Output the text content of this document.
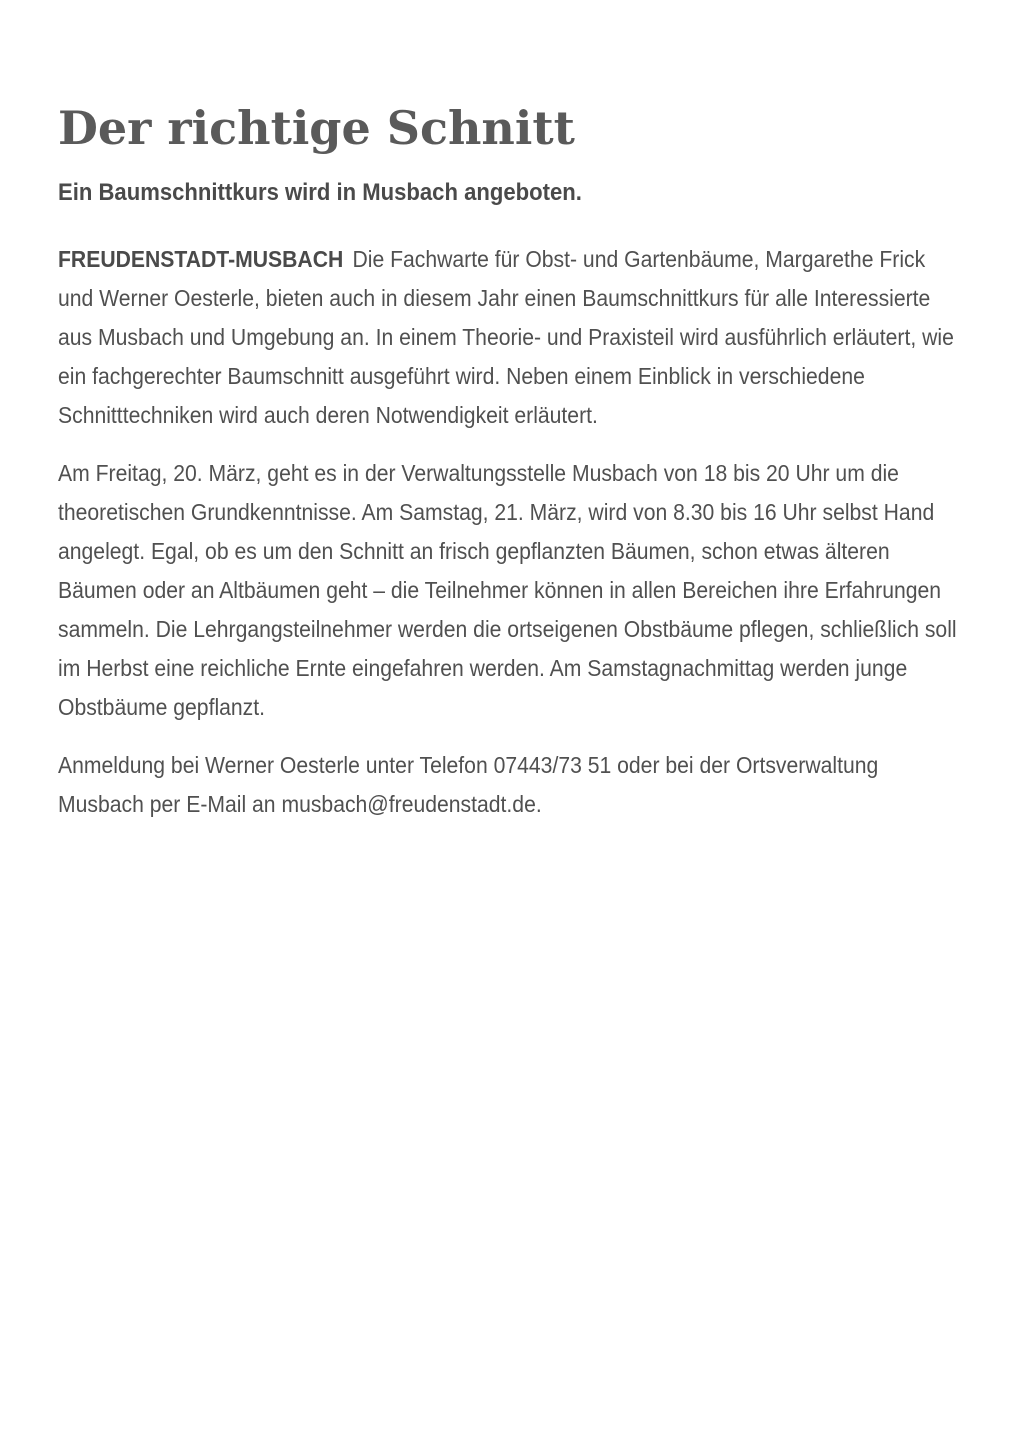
Der richtige Schnitt
Ein Baumschnittkurs wird in Musbach angeboten.

FREUDENSTADT-MUSBACH Die Fachwarte für Obst- und Gartenbäume, Margarethe Frick und Werner Oesterle, bieten auch in diesem Jahr einen Baumschnittkurs für alle Interessierte aus Musbach und Umgebung an. In einem Theorie- und Praxisteil wird ausführlich erläutert, wie ein fachgerechter Baumschnitt ausgeführt wird. Neben einem Einblick in verschiedene Schnitttechniken wird auch deren Notwendigkeit erläutert.

Am Freitag, 20. März, geht es in der Verwaltungsstelle Musbach von 18 bis 20 Uhr um die theoretischen Grundkenntnisse. Am Samstag, 21. März, wird von 8.30 bis 16 Uhr selbst Hand angelegt. Egal, ob es um den Schnitt an frisch gepflanzten Bäumen, schon etwas älteren Bäumen oder an Altbäumen geht – die Teilnehmer können in allen Bereichen ihre Erfahrungen sammeln. Die Lehrgangsteilnehmer werden die ortseigenen Obstbäume pflegen, schließlich soll im Herbst eine reichliche Ernte eingefahren werden. Am Samstagnachmittag werden junge Obstbäume gepflanzt.

Anmeldung bei Werner Oesterle unter Telefon 07443/73 51 oder bei der Ortsverwaltung Musbach per E-Mail an musbach@freudenstadt.de.
